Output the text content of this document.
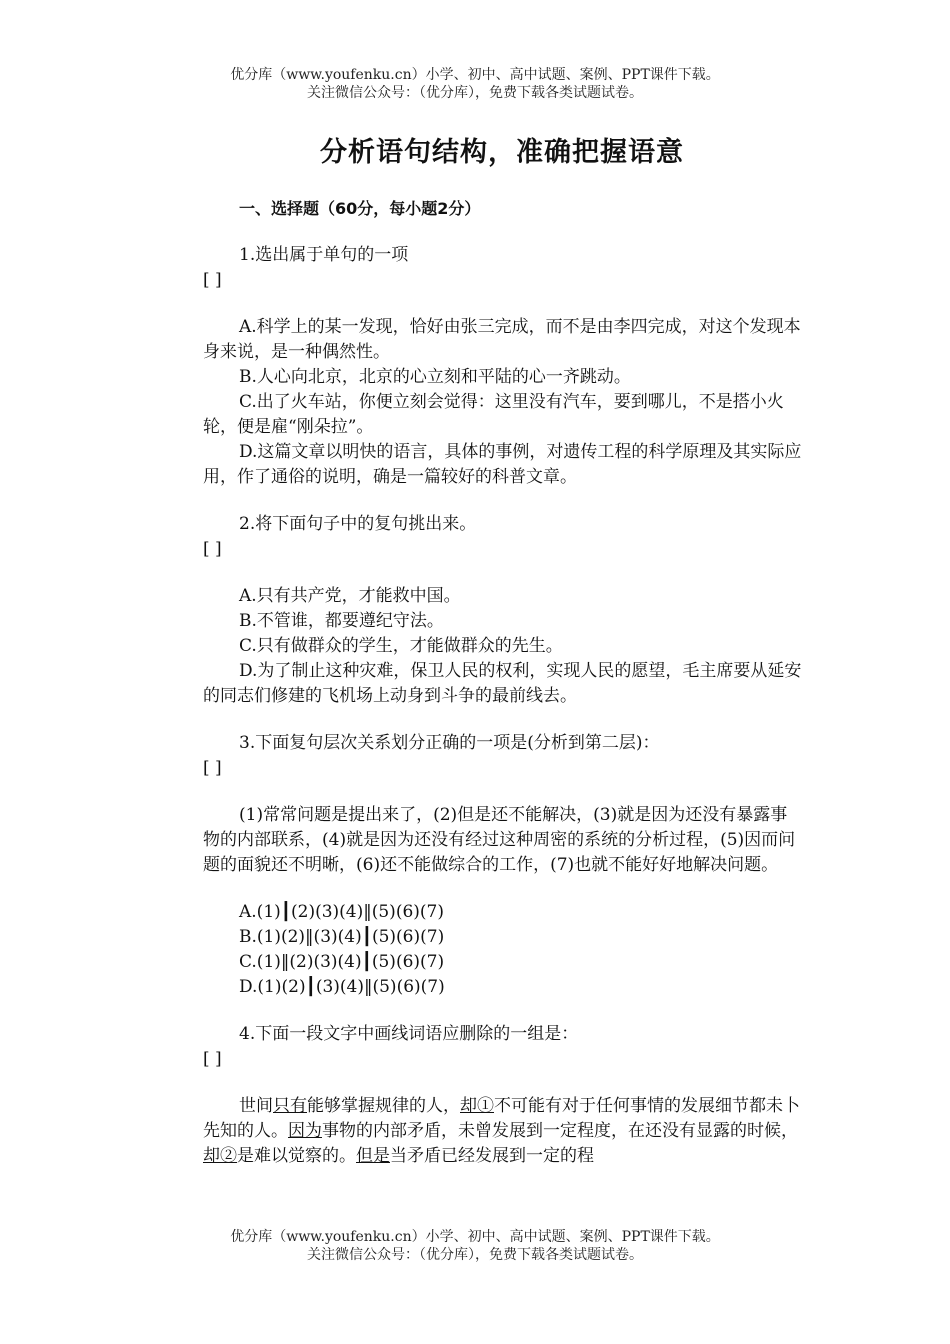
优分库（www.youfenku.cn）小学、初中、高中试题、案例、PPT课件下载。
关注微信公众号：（优分库），免费下载各类试题试卷。
分析语句结构，准确把握语意
一、选择题（60分，每小题2分）

1.选出属于单句的一项

[ ]

A.科学上的某一发现，恰好由张三完成，而不是由李四完成，对这个发现本身来说，是一种偶然性。

B.人心向北京，北京的心立刻和平陆的心一齐跳动。

C.出了火车站，你便立刻会觉得：这里没有汽车，要到哪儿，不是搭小火轮，便是雇“刚朵拉”。

D.这篇文章以明快的语言，具体的事例，对遗传工程的科学原理及其实际应用，作了通俗的说明，确是一篇较好的科普文章。

2.将下面句子中的复句挑出来。

[ ]

A.只有共产党，才能救中国。

B.不管谁，都要遵纪守法。

C.只有做群众的学生，才能做群众的先生。

D.为了制止这种灾难，保卫人民的权利，实现人民的愿望，毛主席要从延安的同志们修建的飞机场上动身到斗争的最前线去。

3.下面复句层次关系划分正确的一项是(分析到第二层)：

[ ]

(1)常常问题是提出来了，(2)但是还不能解决，(3)就是因为还没有暴露事物的内部联系，(4)就是因为还没有经过这种周密的系统的分析过程，(5)因而问题的面貌还不明晰，(6)还不能做综合的工作，(7)也就不能好好地解决问题。

A.(1)┃(2)(3)(4)‖(5)(6)(7)

B.(1)(2)‖(3)(4)┃(5)(6)(7)

C.(1)‖(2)(3)(4)┃(5)(6)(7)

D.(1)(2)┃(3)(4)‖(5)(6)(7)

4.下面一段文字中画线词语应删除的一组是：

[ ]

世间只有能够掌握规律的人，却①不可能有对于任何事情的发展细节都未卜先知的人。因为事物的内部矛盾，未曾发展到一定程度，在还没有显露的时候，却②是难以觉察的。但是当矛盾已经发展到一定的程

优分库（www.youfenku.cn）小学、初中、高中试题、案例、PPT课件下载。
关注微信公众号：（优分库），免费下载各类试题试卷。
